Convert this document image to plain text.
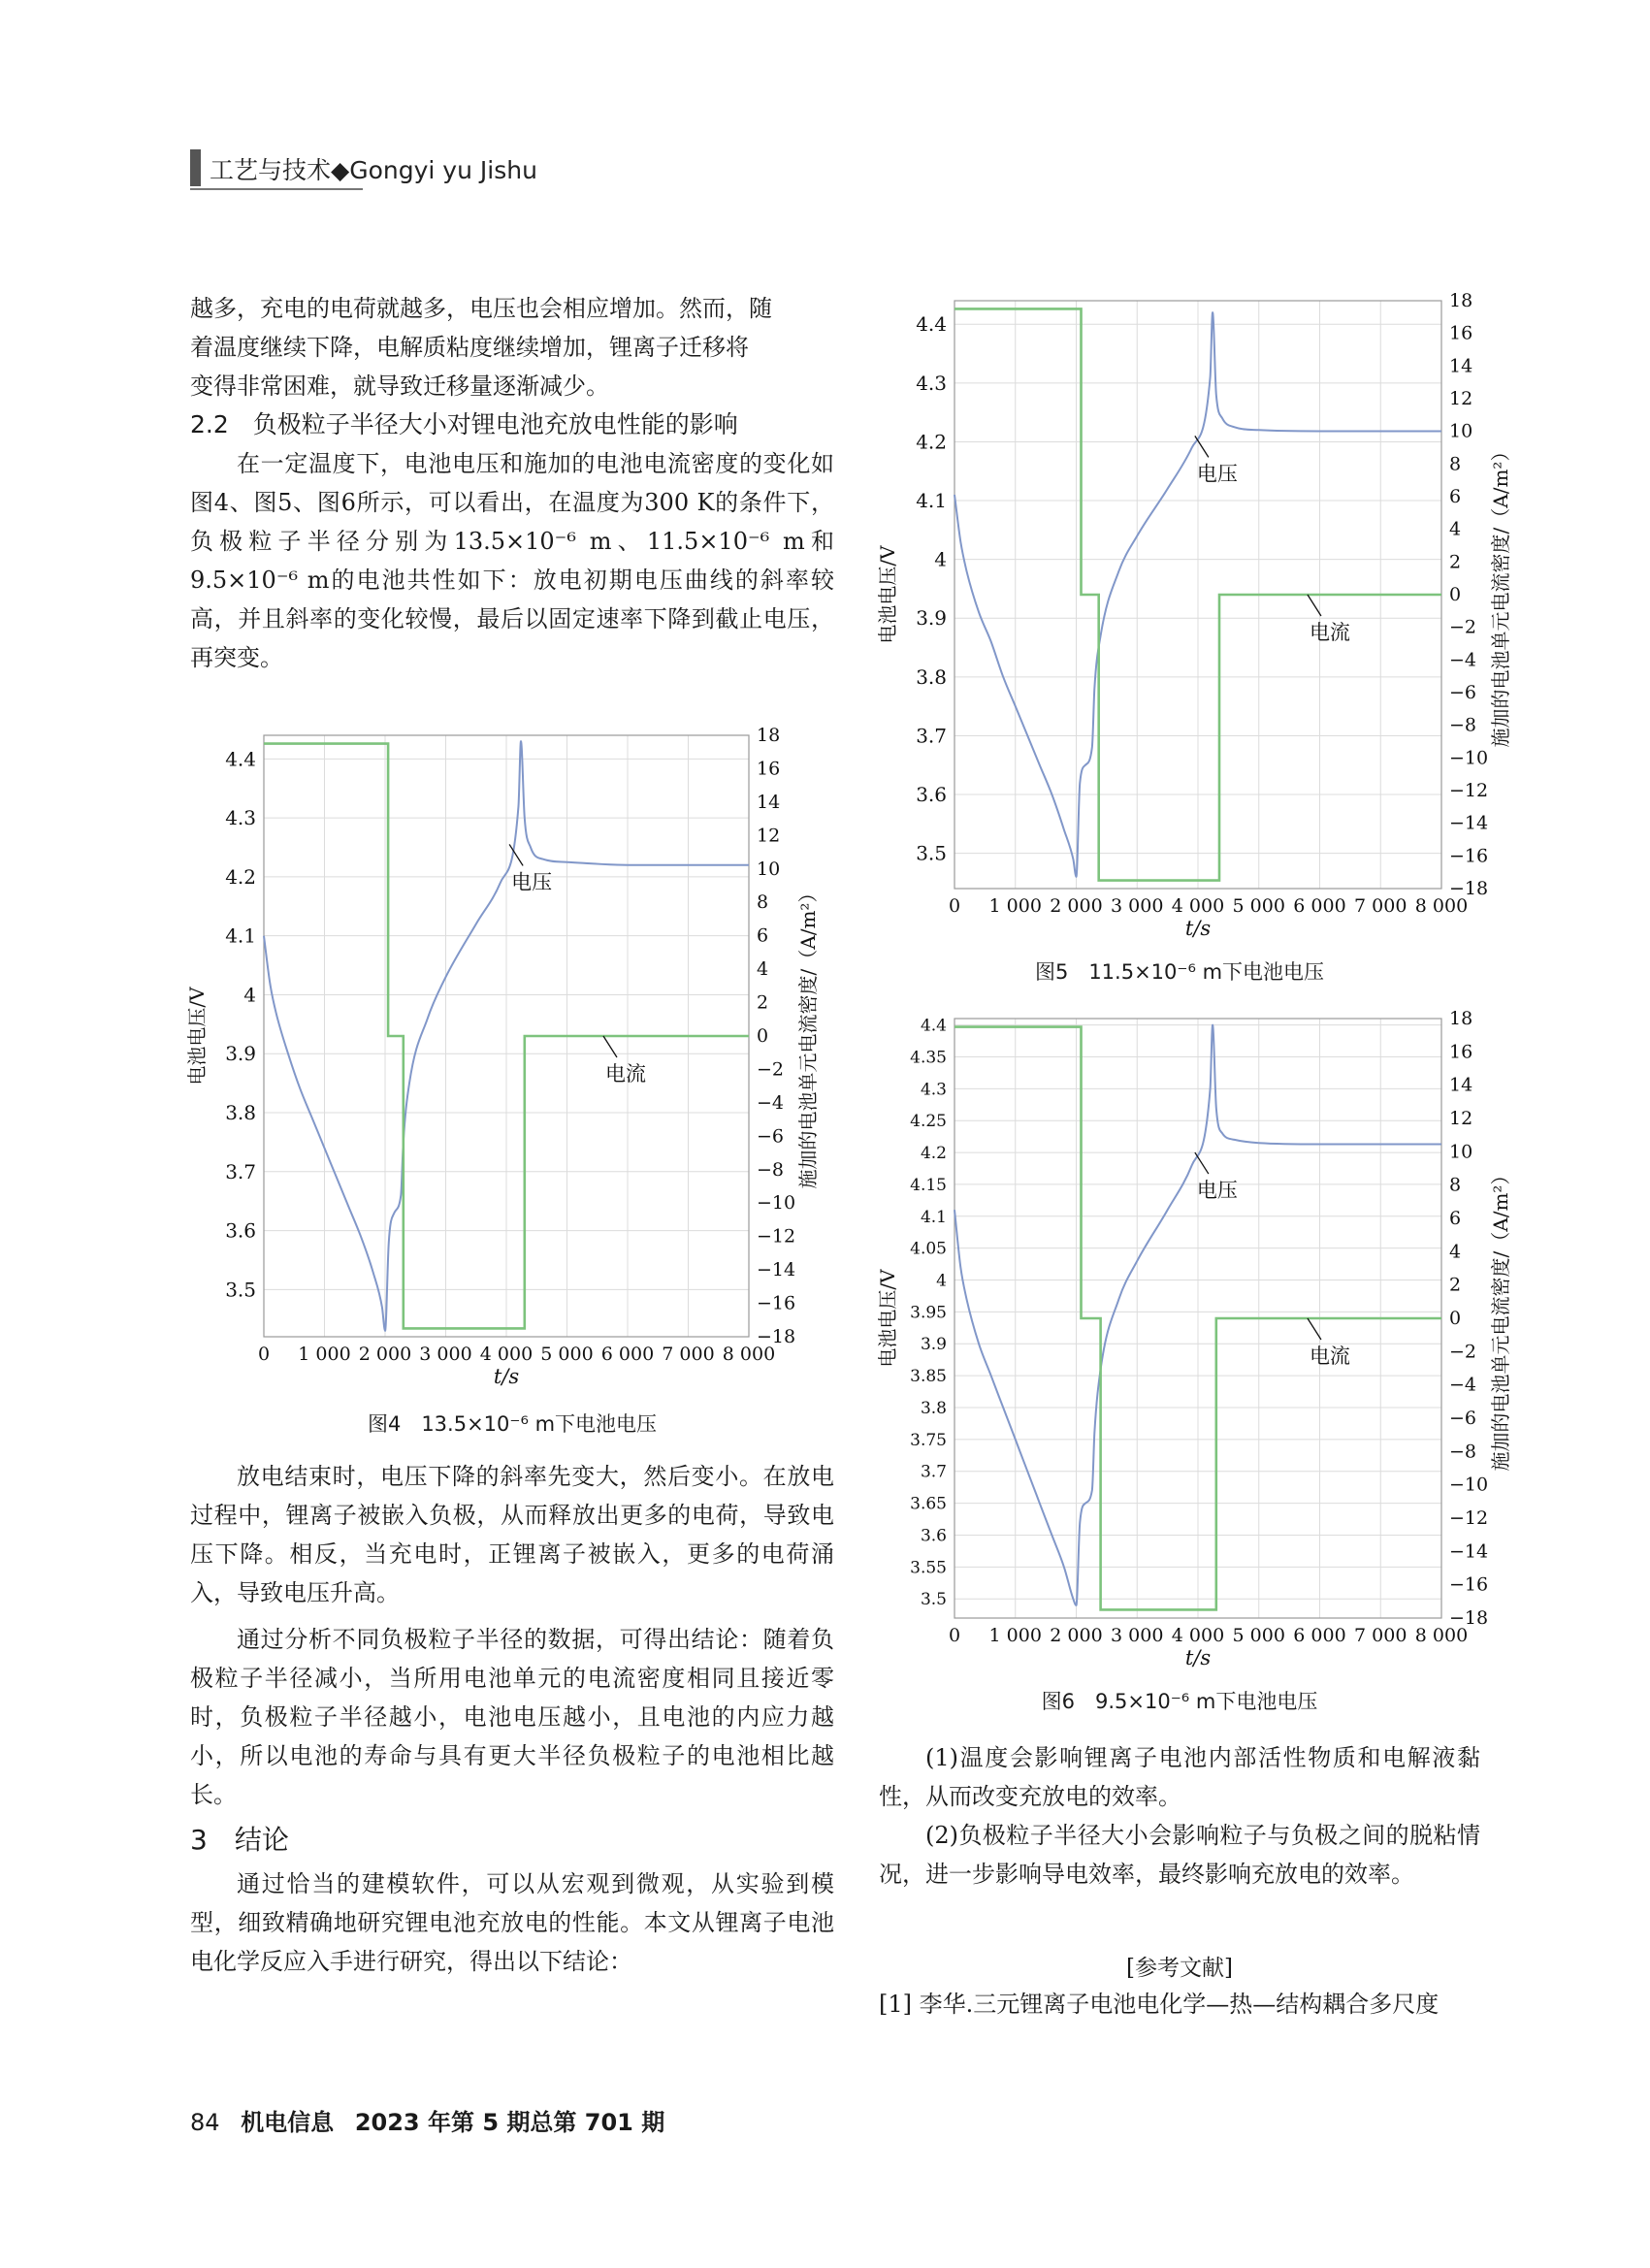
工艺与技术◆Gongyi yu Jishu

越多，充电的电荷就越多，电压也会相应增加。然而，随

着温度继续下降，电解质粘度继续增加，锂离子迁移将

变得非常困难，就导致迁移量逐渐减少。

2.2　负极粒子半径大小对锂电池充放电性能的影响

在一定温度下，电池电压和施加的电池电流密度的变化如图4、图5、图6所示，可以看出，在温度为300 K的条件下，负极粒子半径分别为13.5×10⁻⁶ m、11.5×10⁻⁶ m和9.5×10⁻⁶ m的电池共性如下：放电初期电压曲线的斜率较高，并且斜率的变化较慢，最后以固定速率下降到截止电压，再突变。

0 1 000 2 000 3 000 4 000 5 000 6 000 7 000 8 000
3.5
3.6
3.7
3.8
3.9
4
4.1
4.2
4.3
4.4
−18
−16
−14
−12
−10
−8
−6
−4
−2
0
2
4
6
8
10
12
14
16
18
t/s
电池电压/V	施加的电池单元电流密度/（A/m²）
电压
电流
图4　13.5×10⁻⁶ m下电池电压

放电结束时，电压下降的斜率先变大，然后变小。在放电过程中，锂离子被嵌入负极，从而释放出更多的电荷，导致电压下降。相反，当充电时，正锂离子被嵌入，更多的电荷涌入，导致电压升高。

通过分析不同负极粒子半径的数据，可得出结论：随着负极粒子半径减小，当所用电池单元的电流密度相同且接近零时，负极粒子半径越小，电池电压越小，且电池的内应力越小，所以电池的寿命与具有更大半径负极粒子的电池相比越长。

3　结论

通过恰当的建模软件，可以从宏观到微观，从实验到模型，细致精确地研究锂电池充放电的性能。本文从锂离子电池电化学反应入手进行研究，得出以下结论：

0 1 000 2 000 3 000 4 000 5 000 6 000 7 000 8 000
3.5
3.6
3.7
3.8
3.9
4
4.1
4.2
4.3
4.4
−18
−16
−14
−12
−10
−8
−6
−4
−2
0
2
4
6
8
10
12
14
16
18
t/s
电池电压/V	施加的电池单元电流密度/（A/m²）
电压
电流
图5　11.5×10⁻⁶ m下电池电压
0 1 000 2 000 3 000 4 000 5 000 6 000 7 000 8 000
3.5
3.55
3.6
3.65
3.7
3.75
3.8
3.85
3.9
3.95
4
4.05
4.1
4.15
4.2
4.25
4.3
4.35
4.4
−18
−16
−14
−12
−10
−8
−6
−4
−2
0
2
4
6
8
10
12
14
16
18
t/s
电池电压/V	施加的电池单元电流密度/（A/m²）
电压
电流
图6　9.5×10⁻⁶ m下电池电压

(1)温度会影响锂离子电池内部活性物质和电解液黏性，从而改变充放电的效率。

(2)负极粒子半径大小会影响粒子与负极之间的脱粘情况，进一步影响导电效率，最终影响充放电的效率。

[参考文献]
[1] 李华.三元锂离子电池电化学—热—结构耦合多尺度
84 机电信息 2023 年第 5 期总第 701 期
